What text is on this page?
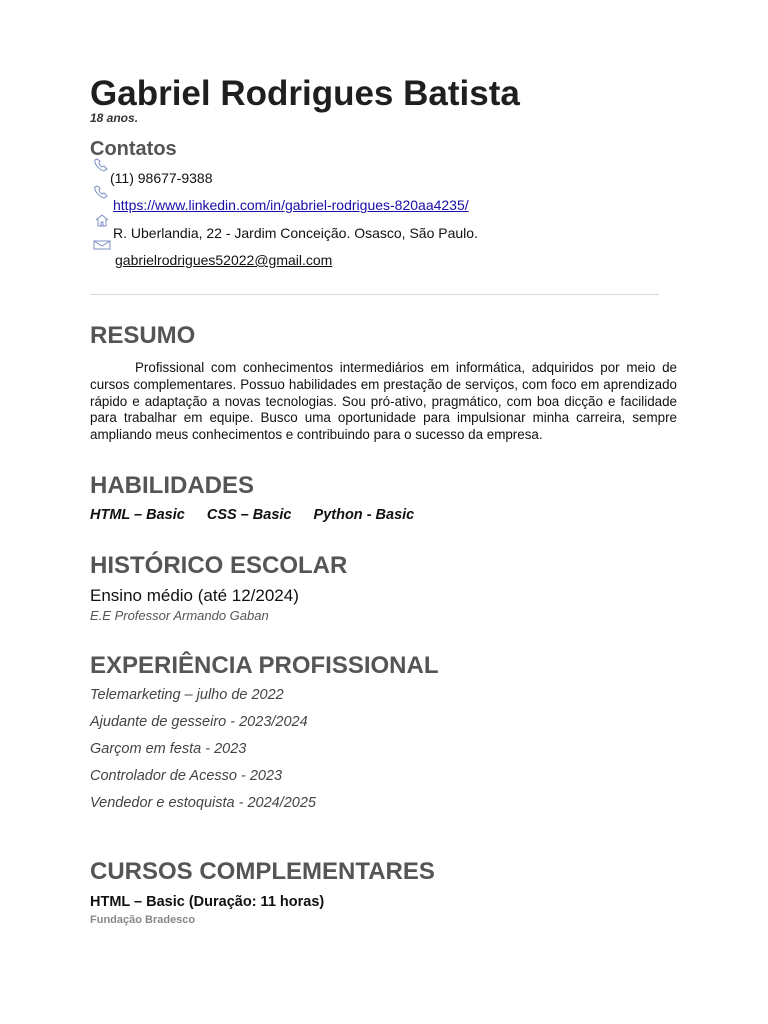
Gabriel Rodrigues Batista
18 anos.
Contatos
(11) 98677-9388
https://www.linkedin.com/in/gabriel-rodrigues-820aa4235/
R. Uberlandia, 22 - Jardim Conceição. Osasco, São Paulo.
gabrielrodrigues52022@gmail.com
RESUMO
Profissional com conhecimentos intermediários em informática, adquiridos por meio de cursos complementares. Possuo habilidades em prestação de serviços, com foco em aprendizado rápido e adaptação a novas tecnologias. Sou pró-ativo, pragmático, com boa dicção e facilidade para trabalhar em equipe. Busco uma oportunidade para impulsionar minha carreira, sempre ampliando meus conhecimentos e contribuindo para o sucesso da empresa.
HABILIDADES
HTML – Basic CSS – Basic Python - Basic
HISTÓRICO ESCOLAR
Ensino médio (até 12/2024)
E.E Professor Armando Gaban
EXPERIÊNCIA PROFISSIONAL
Telemarketing – julho de 2022
Ajudante de gesseiro - 2023/2024
Garçom em festa - 2023
Controlador de Acesso - 2023
Vendedor e estoquista - 2024/2025
CURSOS COMPLEMENTARES
HTML – Basic (Duração: 11 horas)
Fundação Bradesco
